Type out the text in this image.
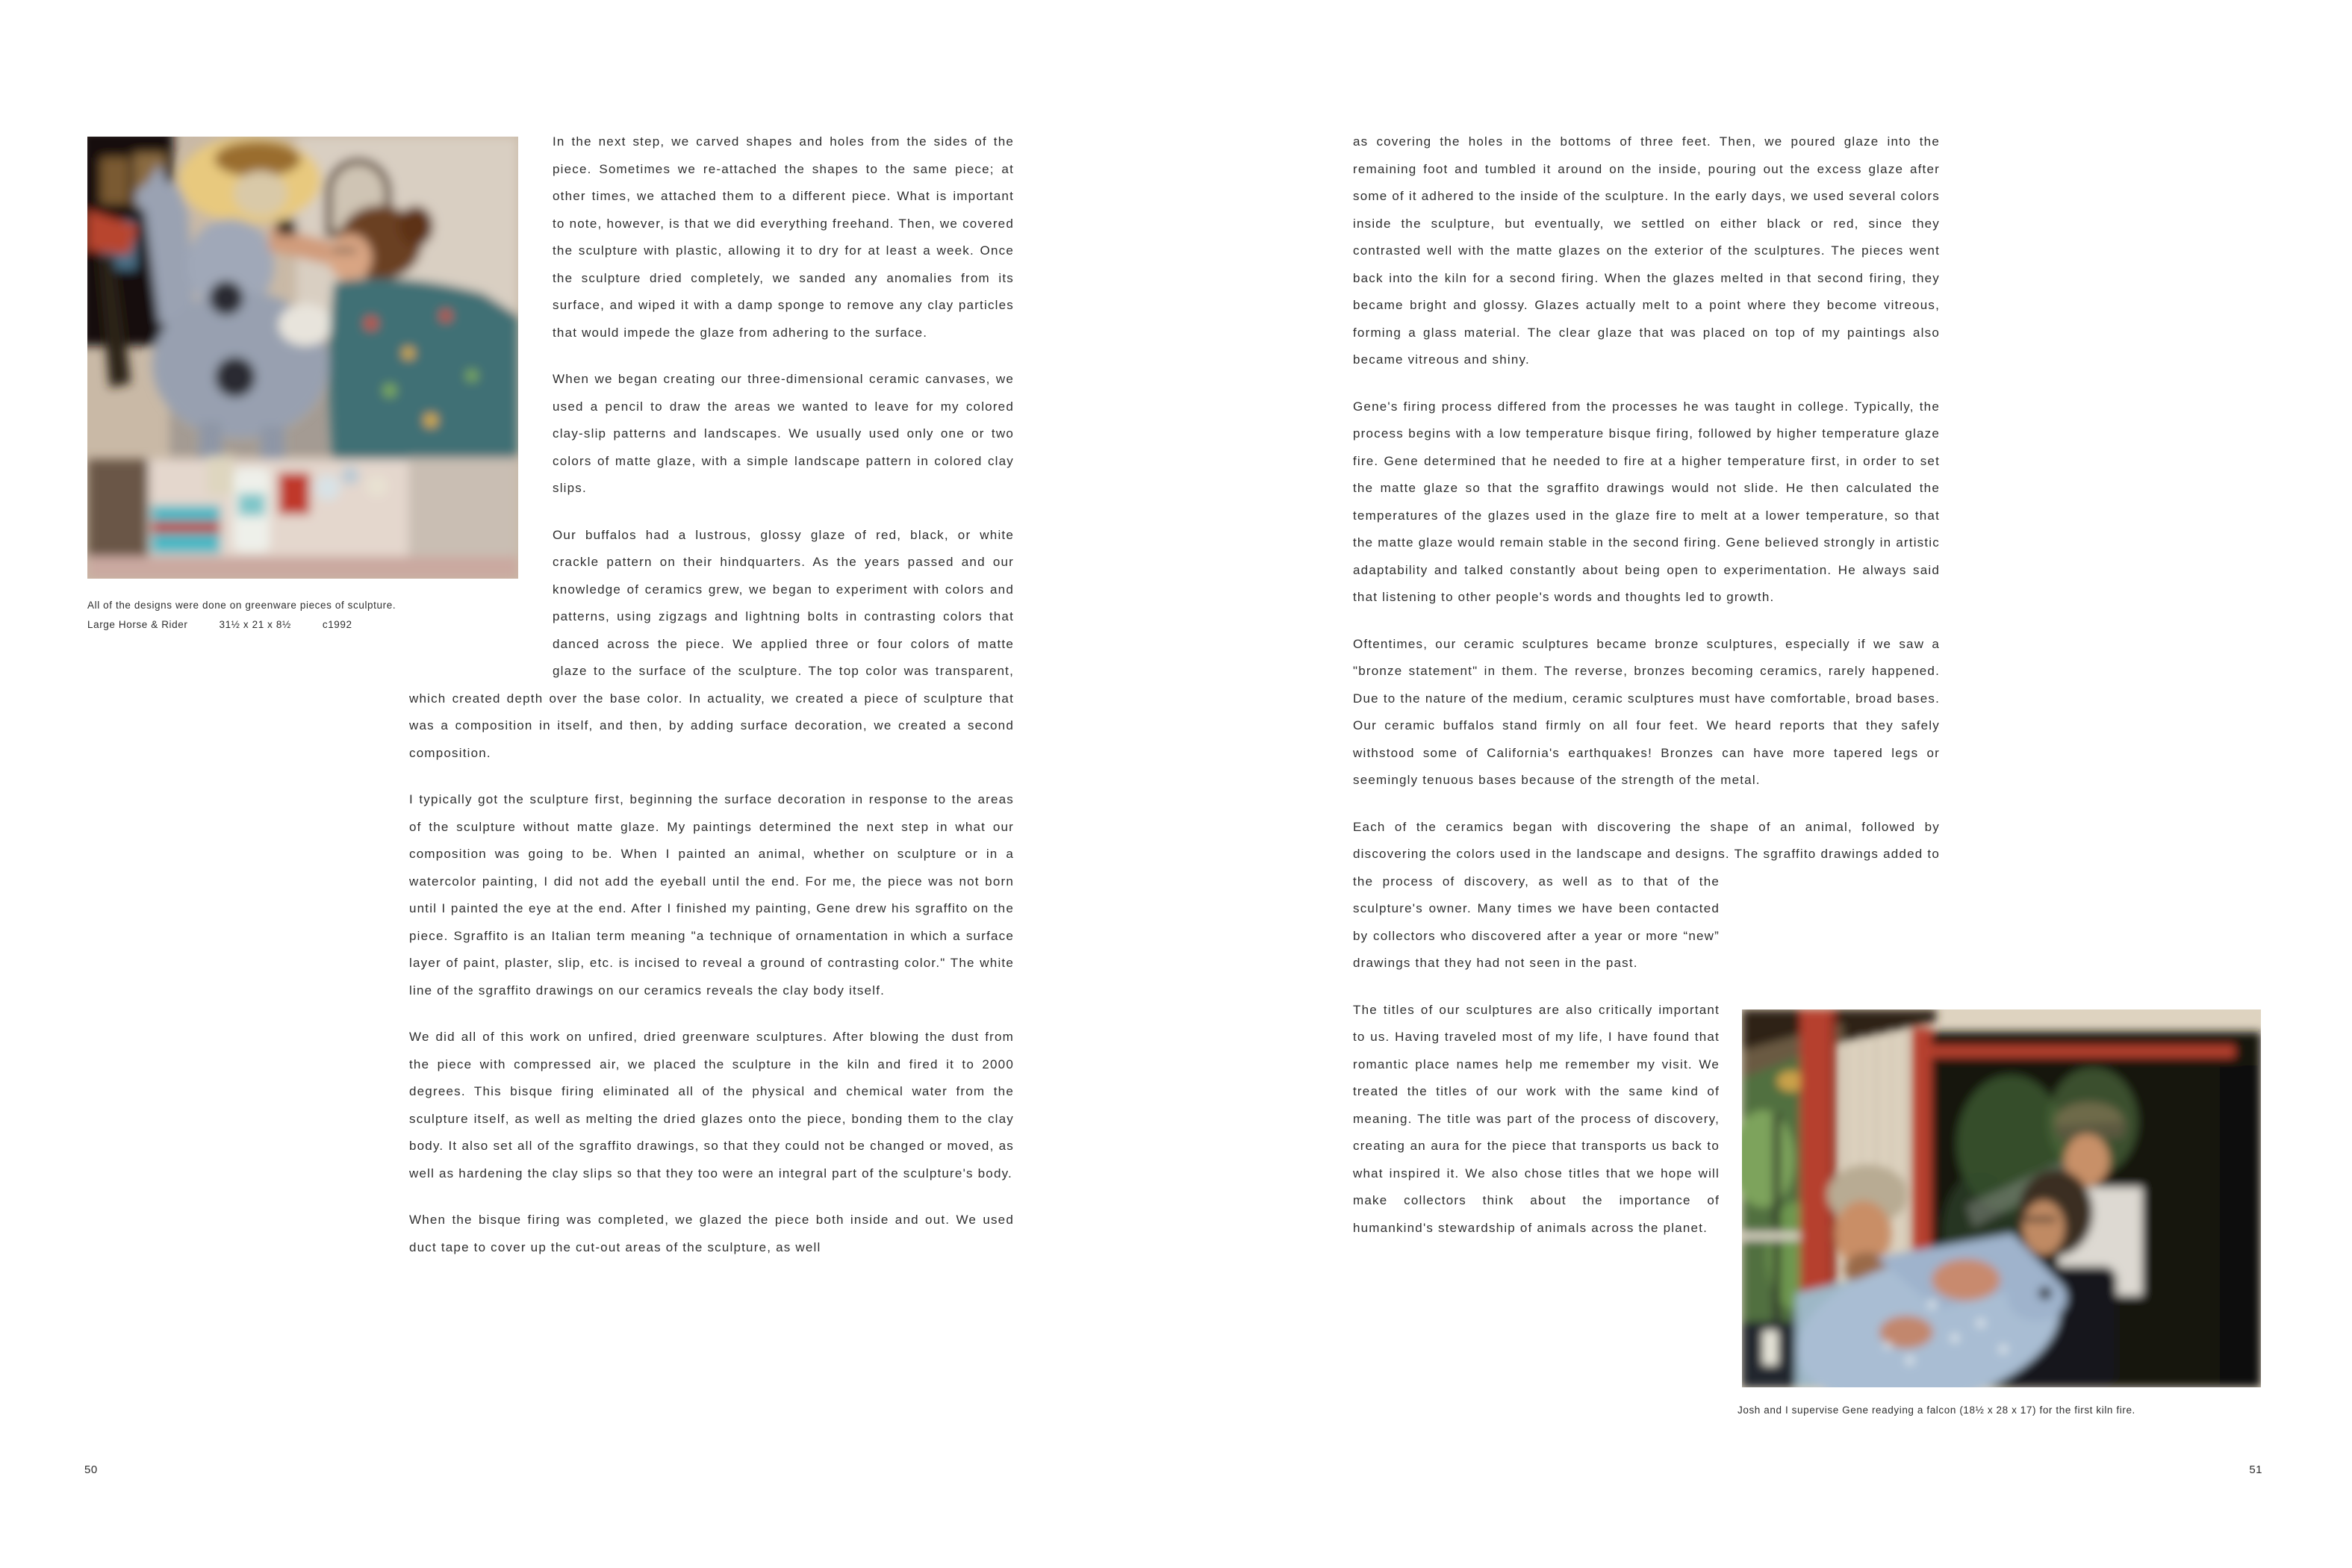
All of the designs were done on greenware pieces of sculpture.
Large Horse & Rider	31½ x 21 x 8½	c1992

In the next step, we carved shapes and holes from the sides of the piece. Sometimes we re-attached the shapes to the same piece; at other times, we attached them to a different piece. What is important to note, however, is that we did everything freehand. Then, we covered the sculpture with plastic, allowing it to dry for at least a week. Once the sculpture dried completely, we sanded any anomalies from its surface, and wiped it with a damp sponge to remove any clay particles that would impede the glaze from adhering to the surface.

When we began creating our three-dimensional ceramic canvases, we used a pencil to draw the areas we wanted to leave for my colored clay-slip patterns and landscapes. We usually used only one or two colors of matte glaze, with a simple landscape pattern in colored clay slips.

Our buffalos had a lustrous, glossy glaze of red, black, or white crackle pattern on their hindquarters. As the years passed and our knowledge of ceramics grew, we began to experiment with colors and patterns, using zigzags and lightning bolts in contrasting colors that danced across the piece. We applied three or four colors of matte glaze to the surface of the sculpture. The top color was transparent, which created depth over the base color. In actuality, we created a piece of sculpture that was a composition in itself, and then, by adding surface decoration, we created a second composition.

I typically got the sculpture first, beginning the surface decoration in response to the areas of the sculpture without matte glaze. My paintings determined the next step in what our composition was going to be. When I painted an animal, whether on sculpture or in a watercolor painting, I did not add the eyeball until the end. For me, the piece was not born until I painted the eye at the end. After I finished my painting, Gene drew his sgraffito on the piece. Sgraffito is an Italian term meaning "a technique of ornamentation in which a surface layer of paint, plaster, slip, etc. is incised to reveal a ground of contrasting color." The white line of the sgraffito drawings on our ceramics reveals the clay body itself.

We did all of this work on unfired, dried greenware sculptures. After blowing the dust from the piece with compressed air, we placed the sculpture in the kiln and fired it to 2000 degrees. This bisque firing eliminated all of the physical and chemical water from the sculpture itself, as well as melting the dried glazes onto the piece, bonding them to the clay body. It also set all of the sgraffito drawings, so that they could not be changed or moved, as well as hardening the clay slips so that they too were an integral part of the sculpture's body.

When the bisque firing was completed, we glazed the piece both inside and out. We used duct tape to cover up the cut-out areas of the sculpture, as well

50

as covering the holes in the bottoms of three feet. Then, we poured glaze into the remaining foot and tumbled it around on the inside, pouring out the excess glaze after some of it adhered to the inside of the sculpture. In the early days, we used several colors inside the sculpture, but eventually, we settled on either black or red, since they contrasted well with the matte glazes on the exterior of the sculptures. The pieces went back into the kiln for a second firing. When the glazes melted in that second firing, they became bright and glossy. Glazes actually melt to a point where they become vitreous, forming a glass material. The clear glaze that was placed on top of my paintings also became vitreous and shiny.

Gene's firing process differed from the processes he was taught in college. Typically, the process begins with a low temperature bisque firing, followed by higher temperature glaze fire. Gene determined that he needed to fire at a higher temperature first, in order to set the matte glaze so that the sgraffito drawings would not slide. He then calculated the temperatures of the glazes used in the glaze fire to melt at a lower temperature, so that the matte glaze would remain stable in the second firing. Gene believed strongly in artistic adaptability and talked constantly about being open to experimentation. He always said that listening to other people's words and thoughts led to growth.

Oftentimes, our ceramic sculptures became bronze sculptures, especially if we saw a "bronze statement" in them. The reverse, bronzes becoming ceramics, rarely happened. Due to the nature of the medium, ceramic sculptures must have comfortable, broad bases. Our ceramic buffalos stand firmly on all four feet. We heard reports that they safely withstood some of California's earthquakes! Bronzes can have more tapered legs or seemingly tenuous bases because of the strength of the metal.

Each of the ceramics began with discovering the shape of an animal, followed by discovering the colors used in the landscape and designs. The sgraffito drawings added to the process of discovery, as well as to that of
the sculpture's owner. Many times we have been contacted by collectors who discovered after a year or more “new” drawings that they had not seen in the past.

The titles of our sculptures are also critically important to us. Having traveled most of my life, I have found that romantic place names help me remember my visit. We treated the titles of our work with the same kind of meaning. The title was part of the process of discovery, creating an aura for the piece that transports us back to what inspired it. We also chose titles that we hope will make collectors think about the importance of humankind's stewardship of animals across the planet.

Josh and I supervise Gene readying a falcon (18½ x 28 x 17) for the first kiln fire.
51
